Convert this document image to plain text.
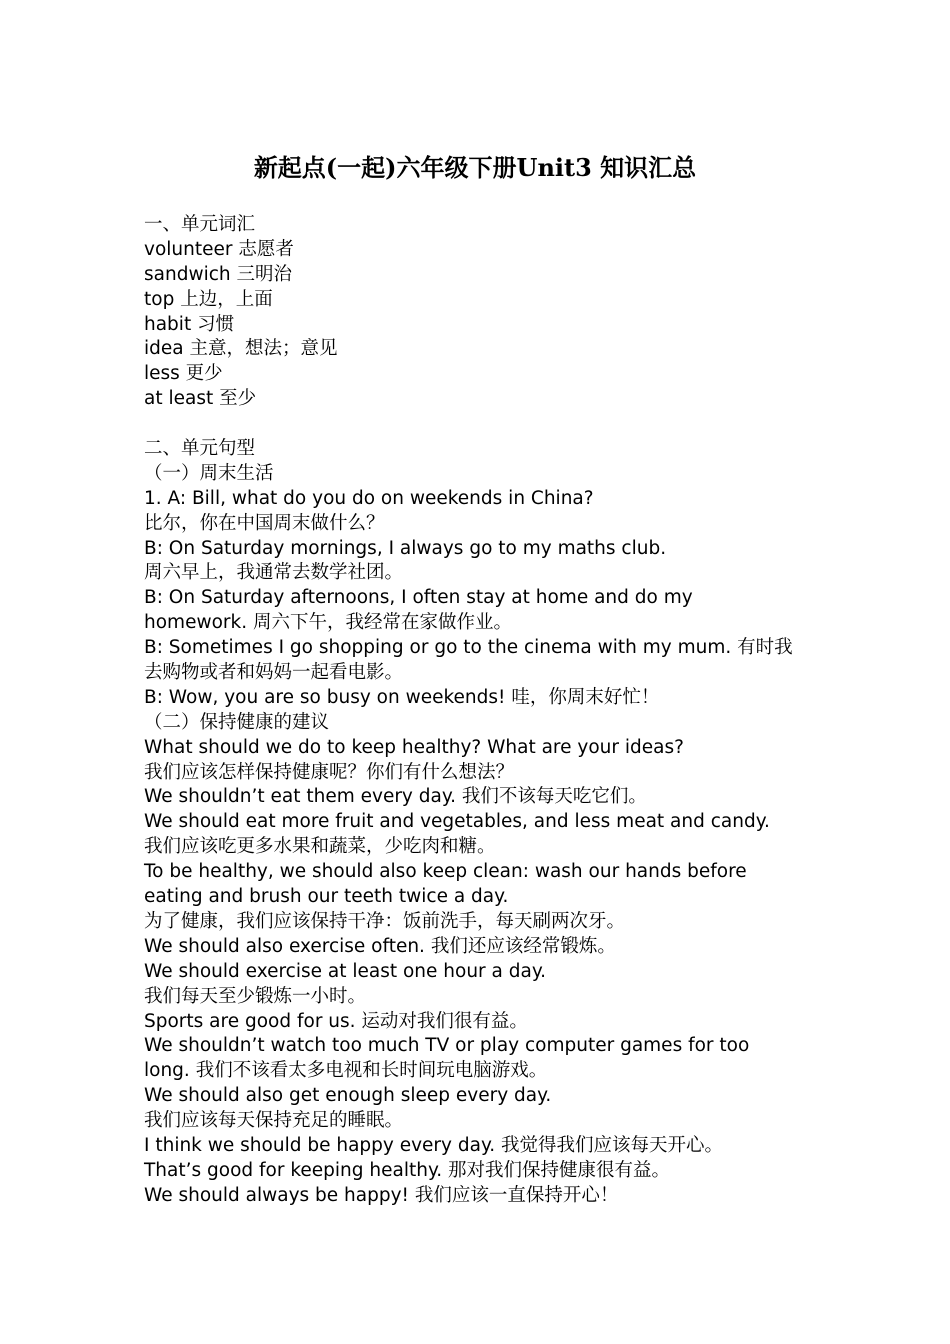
新起点(一起)六年级下册Unit3 知识汇总
一、单元词汇
volunteer 志愿者
sandwich 三明治
top 上边，上面
habit 习惯
idea 主意，想法；意见
less 更少
at least 至少
二、单元句型
（一）周末生活
1. A: Bill, what do you do on weekends in China?
比尔，你在中国周末做什么？
B: On Saturday mornings, I always go to my maths club.
周六早上，我通常去数学社团。
B: On Saturday afternoons, I often stay at home and do my
homework. 周六下午，我经常在家做作业。
B: Sometimes I go shopping or go to the cinema with my mum. 有时我
去购物或者和妈妈一起看电影。
B: Wow, you are so busy on weekends! 哇，你周末好忙！
（二）保持健康的建议
What should we do to keep healthy? What are your ideas?
我们应该怎样保持健康呢？你们有什么想法？
We shouldn’t eat them every day. 我们不该每天吃它们。
We should eat more fruit and vegetables, and less meat and candy.
我们应该吃更多水果和蔬菜，少吃肉和糖。
To be healthy, we should also keep clean: wash our hands before
eating and brush our teeth twice a day.
为了健康，我们应该保持干净：饭前洗手，每天刷两次牙。
We should also exercise often. 我们还应该经常锻炼。
We should exercise at least one hour a day.
我们每天至少锻炼一小时。
Sports are good for us. 运动对我们很有益。
We shouldn’t watch too much TV or play computer games for too
long. 我们不该看太多电视和长时间玩电脑游戏。
We should also get enough sleep every day.
我们应该每天保持充足的睡眠。
I think we should be happy every day. 我觉得我们应该每天开心。
That’s good for keeping healthy. 那对我们保持健康很有益。
We should always be happy! 我们应该一直保持开心！
